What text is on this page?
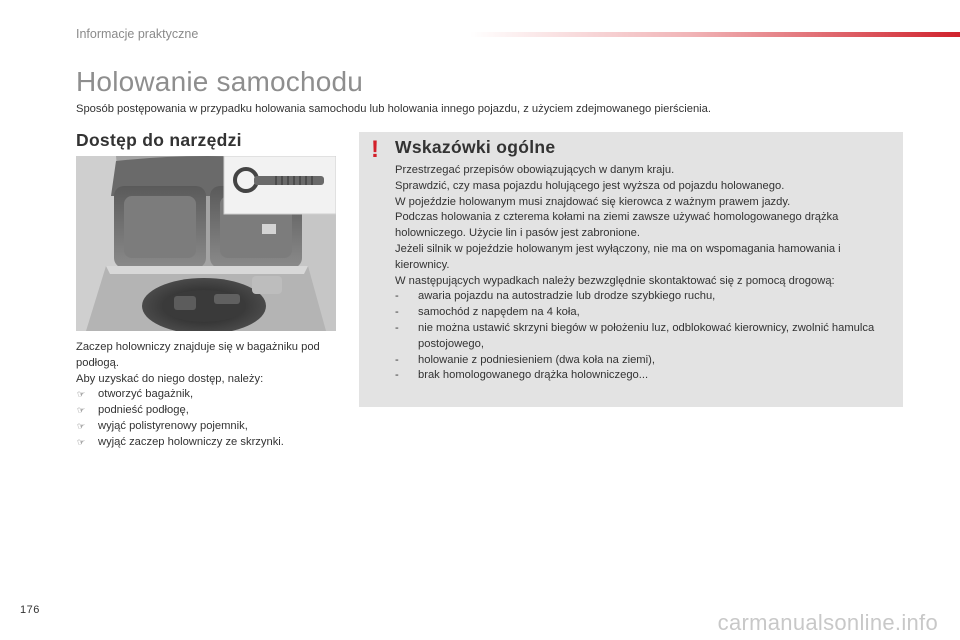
Informacje praktyczne
Holowanie samochodu
Sposób postępowania w przypadku holowania samochodu lub holowania innego pojazdu, z użyciem zdejmowanego pierścienia.
Dostęp do narzędzi

Zaczep holowniczy znajduje się w bagażniku pod podłogą.

Aby uzyskać do niego dostęp, należy:

☞ otworzyć bagażnik,
☞ podnieść podłogę,
☞ wyjąć polistyrenowy pojemnik,
☞ wyjąć zaczep holowniczy ze skrzynki.
! Wskazówki ogólne

Przestrzegać przepisów obowiązujących w danym kraju.

Sprawdzić, czy masa pojazdu holującego jest wyższa od pojazdu holowanego.

W pojeździe holowanym musi znajdować się kierowca z ważnym prawem jazdy.

Podczas holowania z czterema kołami na ziemi zawsze używać homologowanego drążka holowniczego. Użycie lin i pasów jest zabronione.

Jeżeli silnik w pojeździe holowanym jest wyłączony, nie ma on wspomagania hamowania i kierownicy.

W następujących wypadkach należy bezwzględnie skontaktować się z pomocą drogową:

- awaria pojazdu na autostradzie lub drodze szybkiego ruchu,
- samochód z napędem na 4 koła,
- nie można ustawić skrzyni biegów w położeniu luz, odblokować kierownicy, zwolnić hamulca postojowego,
- holowanie z podniesieniem (dwa koła na ziemi),
- brak homologowanego drążka holowniczego...
176	carmanualsonline.info
